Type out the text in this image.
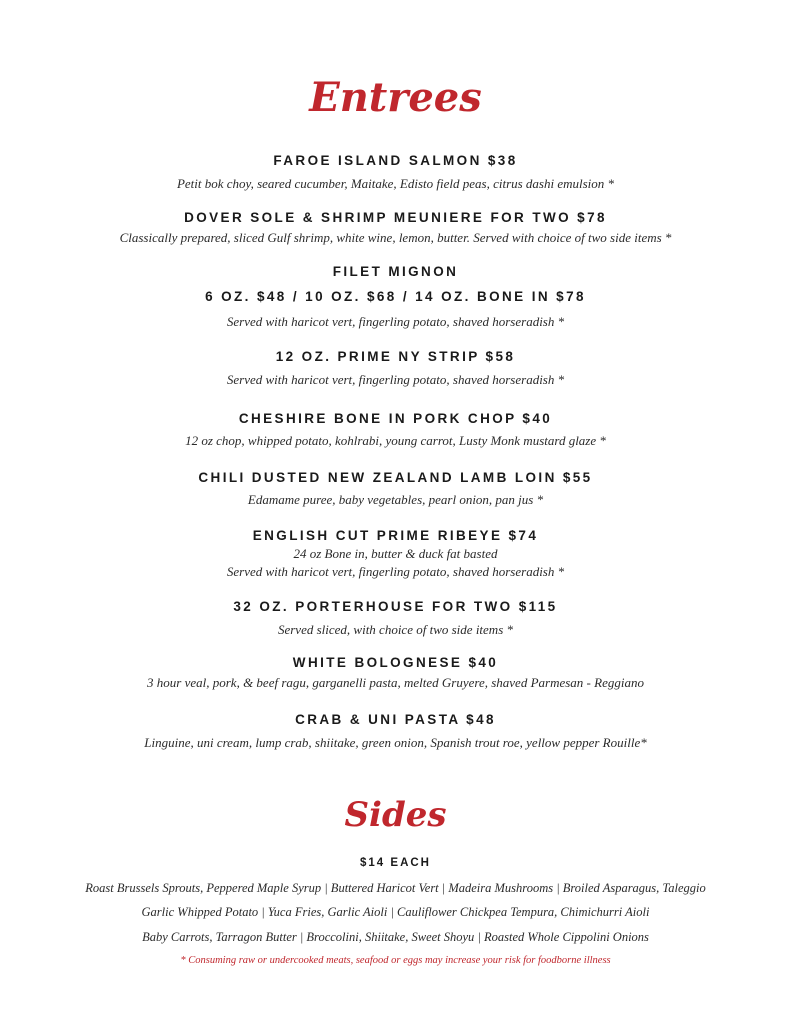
Entrees
FAROE ISLAND SALMON $38
Petit bok choy, seared cucumber, Maitake, Edisto field peas, citrus dashi emulsion *
DOVER SOLE & SHRIMP MEUNIERE FOR TWO $78
Classically prepared, sliced Gulf shrimp, white wine, lemon, butter. Served with choice of two side items *
FILET MIGNON
6 OZ. $48 / 10 OZ. $68 / 14 OZ. BONE IN $78
Served with haricot vert, fingerling potato, shaved horseradish *
12 OZ. PRIME NY STRIP $58
Served with haricot vert, fingerling potato, shaved horseradish *
CHESHIRE BONE IN PORK CHOP $40
12 oz chop, whipped potato, kohlrabi, young carrot, Lusty Monk mustard glaze *
CHILI DUSTED NEW ZEALAND LAMB LOIN $55
Edamame puree, baby vegetables, pearl onion, pan jus *
ENGLISH CUT PRIME RIBEYE $74
24 oz Bone in, butter & duck fat basted
Served with haricot vert, fingerling potato, shaved horseradish *
32 OZ. PORTERHOUSE FOR TWO $115
Served sliced, with choice of two side items *
WHITE BOLOGNESE $40
3 hour veal, pork, & beef ragu, garganelli pasta, melted Gruyere, shaved Parmesan - Reggiano
CRAB & UNI PASTA $48
Linguine, uni cream, lump crab, shiitake, green onion, Spanish trout roe, yellow pepper Rouille*
Sides
$14 EACH
Roast Brussels Sprouts, Peppered Maple Syrup | Buttered Haricot Vert | Madeira Mushrooms | Broiled Asparagus, Taleggio
Garlic Whipped Potato | Yuca Fries, Garlic Aioli | Cauliflower Chickpea Tempura, Chimichurri Aioli
Baby Carrots, Tarragon Butter | Broccolini, Shiitake, Sweet Shoyu | Roasted Whole Cippolini Onions
* Consuming raw or undercooked meats, seafood or eggs may increase your risk for foodborne illness
